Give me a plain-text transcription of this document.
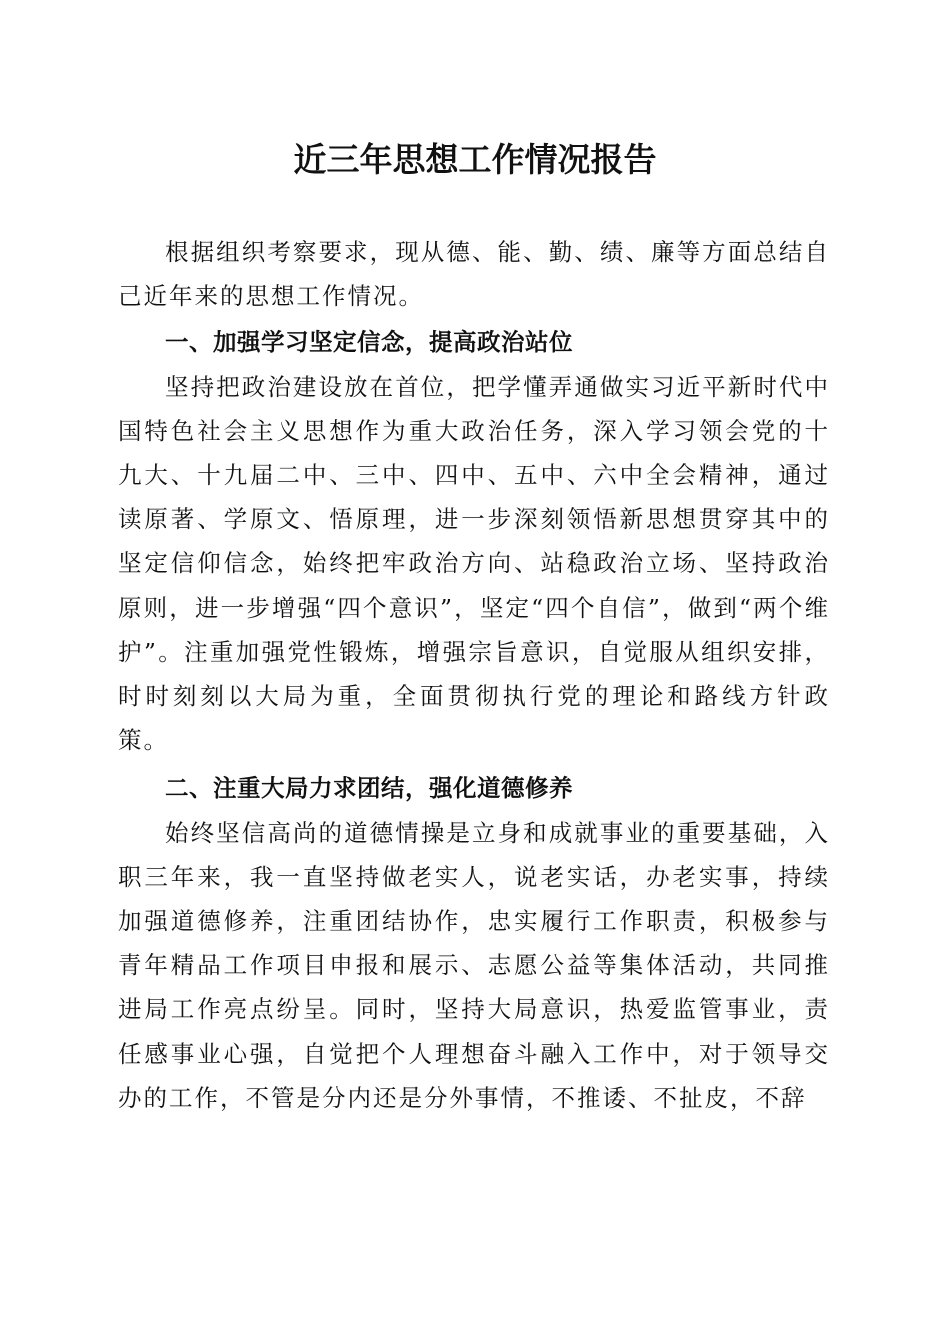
近三年思想工作情况报告

根据组织考察要求，现从德、能、勤、绩、廉等方面总结自己近年来的思想工作情况。

一、加强学习坚定信念，提高政治站位

坚持把政治建设放在首位，把学懂弄通做实习近平新时代中国特色社会主义思想作为重大政治任务，深入学习领会党的十九大、十九届二中、三中、四中、五中、六中全会精神，通过读原著、学原文、悟原理，进一步深刻领悟新思想贯穿其中的坚定信仰信念，始终把牢政治方向、站稳政治立场、坚持政治原则，进一步增强“四个意识”，坚定“四个自信”，做到“两个维护”。注重加强党性锻炼，增强宗旨意识，自觉服从组织安排，时时刻刻以大局为重，全面贯彻执行党的理论和路线方针政策。

二、注重大局力求团结，强化道德修养

始终坚信高尚的道德情操是立身和成就事业的重要基础，入职三年来，我一直坚持做老实人，说老实话，办老实事，持续加强道德修养，注重团结协作，忠实履行工作职责，积极参与青年精品工作项目申报和展示、志愿公益等集体活动，共同推进局工作亮点纷呈。同时，坚持大局意识，热爱监管事业，责任感事业心强，自觉把个人理想奋斗融入工作中，对于领导交办的工作，不管是分内还是分外事情，不推诿、不扯皮，不辞
